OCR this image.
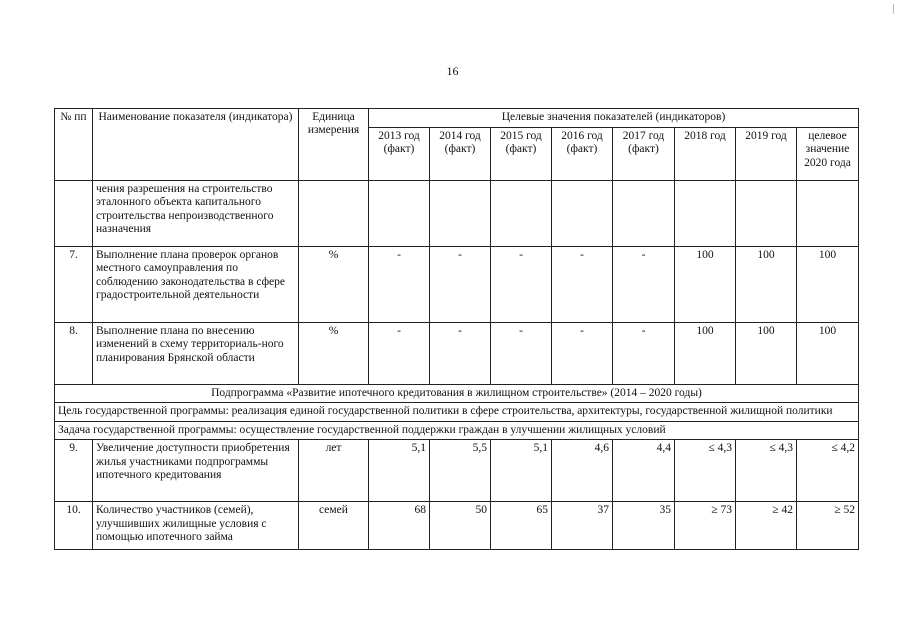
16
№ пп	Наименование показателя (индикатора)	Единица измерения	Целевые значения показателей (индикаторов)							
			2013 год (факт)	2014 год (факт)	2015 год (факт)	2016 год (факт)	2017 год (факт)	2018 год	2019 год	целевое значение 2020 года
	чения разрешения на строительство эталонного объекта капитального строительства непроизводственного назначения									
7.	Выполнение плана проверок органов местного самоуправления по соблюдению законодательства в сфере градостроительной деятельности	%	-	-	-	-	-	100	100	100
8.	Выполнение плана по внесению изменений в схему территориаль-ного планирования Брянской области	%	-	-	-	-	-	100	100	100
Подпрограмма «Развитие ипотечного кредитования в жилищном строительстве» (2014 – 2020 годы)										
Цель государственной программы: реализация единой государственной политики в сфере строительства, архитектуры, государственной жилищной политики										
Задача государственной программы: осуществление государственной поддержки граждан в улучшении жилищных условий										
9.	Увеличение доступности приобретения жилья участниками подпрограммы ипотечного кредитования	лет	5,1	5,5	5,1	4,6	4,4	≤ 4,3	≤ 4,3	≤ 4,2
10.	Количество участников (семей), улучшивших жилищные условия с помощью ипотечного займа	семей	68	50	65	37	35	≥ 73	≥ 42	≥ 52
